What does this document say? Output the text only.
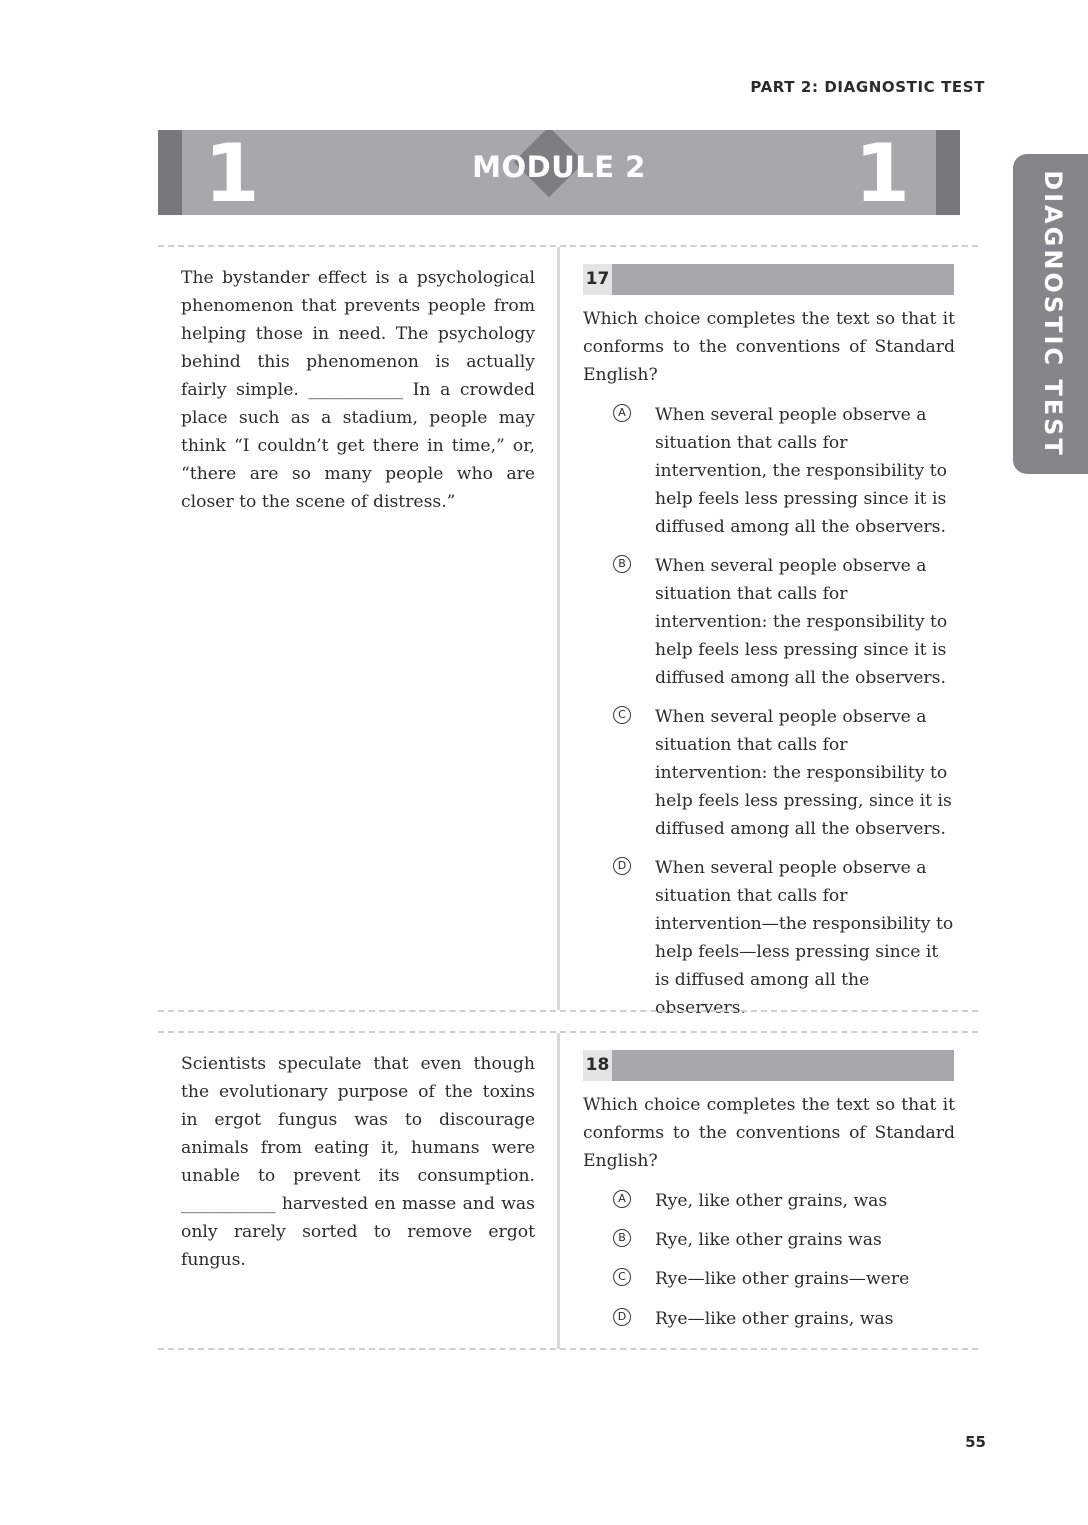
PART 2: DIAGNOSTIC TEST
1	MODULE 2	1	DIAGNOSTIC TEST
The bystander effect is a psychological phenomenon that prevents people from helping those in need. The psychology behind this phenomenon is actually fairly simple. ___________ In a crowded place such as a stadium, people may think “I couldn’t get there in time,” or, “there are so many people who are closer to the scene of distress.”
17
Which choice completes the text so that it conforms to the conventions of Standard English?
A	When several people observe a situation that calls for intervention, the responsibility to help feels less pressing since it is diffused among all the observers.
B	When several people observe a situation that calls for intervention: the responsibility to help feels less pressing since it is diffused among all the observers.
C When several people observe a situation that calls for intervention: the responsibility to help feels less pressing, since it is diffused among all the observers.
D When several people observe a situation that calls for intervention—the responsibility to help feels—less pressing since it is diffused among all the observers.
Scientists speculate that even though the evolutionary purpose of the toxins in ergot fungus was to discourage animals from eating it, humans were unable to prevent its consumption. ___________ harvested en masse and was only rarely sorted to remove ergot fungus.
18
Which choice completes the text so that it conforms to the conventions of Standard English?
A	Rye, like other grains, was
B	Rye, like other grains was
C Rye—like other grains—were
D Rye—like other grains, was
55
